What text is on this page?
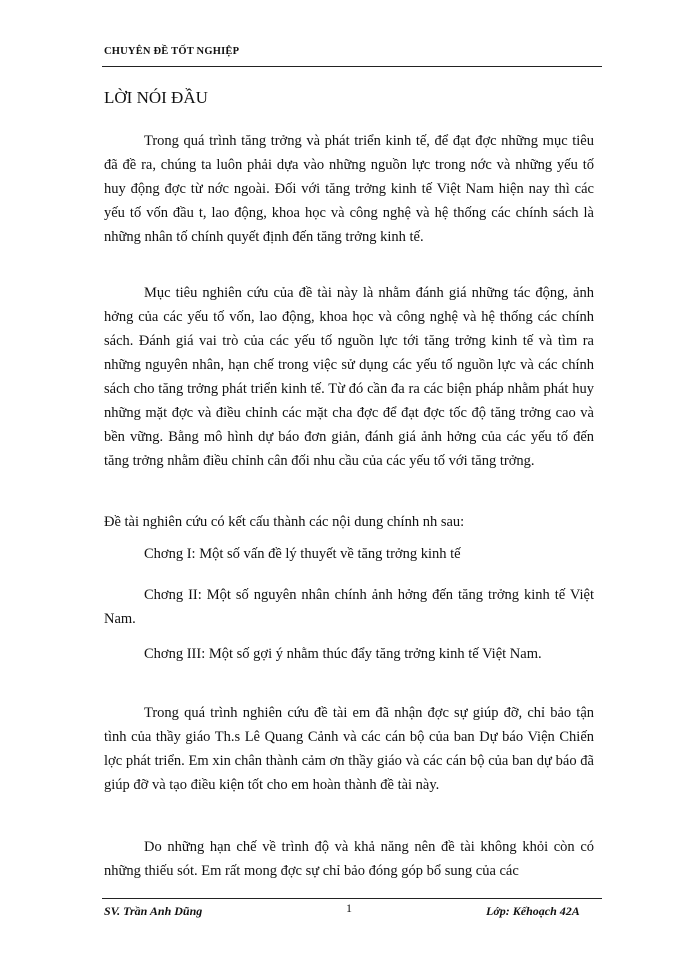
CHUYÊN ĐỀ TỐT NGHIỆP
LỜI NÓI ĐẦU

Trong quá trình tăng trởng và phát triển kinh tế, để đạt đợc những mục tiêu đã đề ra, chúng ta luôn phải dựa vào những nguồn lực trong nớc và những yếu tố huy động đợc từ nớc ngoài. Đối với tăng trởng kinh tế Việt Nam hiện nay thì các yếu tố vốn đầu t, lao động, khoa học và công nghệ và hệ thống các chính sách là những nhân tố chính quyết định đến tăng trởng kinh tế.

Mục tiêu nghiên cứu của đề tài này là nhằm đánh giá những tác động, ảnh hởng của các yếu tố vốn, lao động, khoa học và công nghệ và hệ thống các chính sách. Đánh giá vai trò của các yếu tố nguồn lực tới tăng trởng kinh tế và tìm ra những nguyên nhân, hạn chế trong việc sử dụng các yếu tố nguồn lực và các chính sách cho tăng trởng phát triển kinh tế. Từ đó cần đa ra các biện pháp nhằm phát huy những mặt đợc và điều chỉnh các mặt cha đợc để đạt đợc tốc độ tăng trởng cao và bền vững. Bằng mô hình dự báo đơn giản, đánh giá ảnh hởng của các yếu tố đến tăng trởng nhằm điều chỉnh cân đối nhu cầu của các yếu tố với tăng trởng.

Đề tài nghiên cứu có kết cấu thành các nội dung chính nh sau:

Chơng I: Một số vấn đề lý thuyết về tăng trởng kinh tế

Chơng II: Một số nguyên nhân chính ảnh hởng đến tăng trởng kinh tế Việt Nam.

Chơng III: Một số gợi ý nhằm thúc đẩy tăng trởng kinh tế Việt Nam.

Trong quá trình nghiên cứu đề tài em đã nhận đợc sự giúp đỡ, chỉ bảo tận tình của thầy giáo Th.s Lê Quang Cảnh và các cán bộ của ban Dự báo Viện Chiến lợc phát triển. Em xin chân thành cảm ơn thầy giáo và các cán bộ của ban dự báo đã giúp đỡ và tạo điều kiện tốt cho em hoàn thành đề tài này.

Do những hạn chế về trình độ và khả năng nên đề tài không khỏi còn có những thiếu sót. Em rất mong đợc sự chỉ bảo đóng góp bổ sung của các

SV. Trần Anh Dũng	1	Lớp: Kếhoạch 42A
